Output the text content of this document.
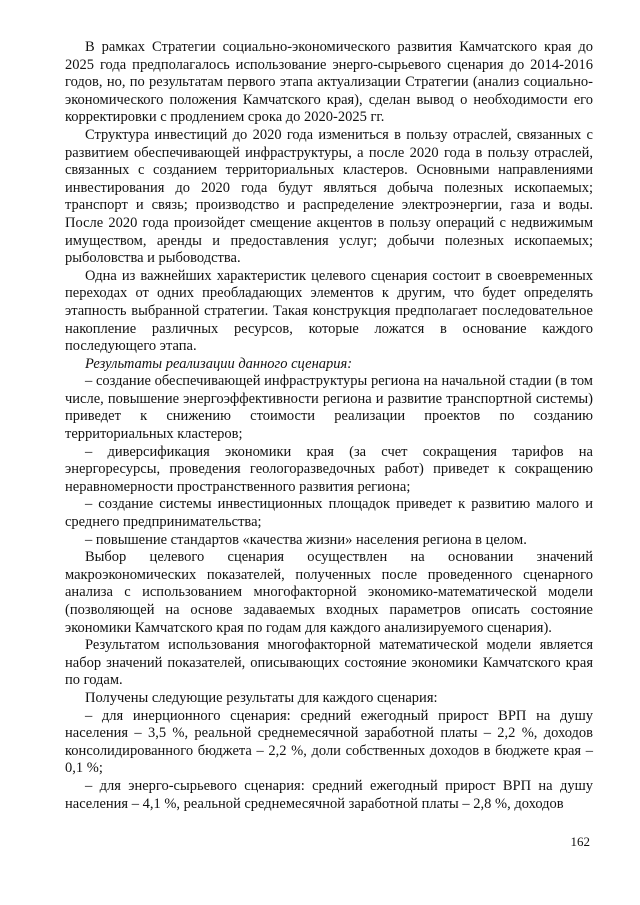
В рамках Стратегии социально-экономического развития Камчатского края до 2025 года предполагалось использование энерго-сырьевого сценария до 2014-2016 годов, но, по результатам первого этапа актуализации Стратегии (анализ социально-экономического положения Камчатского края), сделан вывод о необходимости его корректировки с продлением срока до 2020-2025 гг.

Структура инвестиций до 2020 года измениться в пользу отраслей, связанных с развитием обеспечивающей инфраструктуры, а после 2020 года в пользу отраслей, связанных с созданием территориальных кластеров. Основными направлениями инвестирования до 2020 года будут являться добыча полезных ископаемых; транспорт и связь; производство и распределение электроэнергии, газа и воды. После 2020 года произойдет смещение акцентов в пользу операций с недвижимым имуществом, аренды и предоставления услуг; добычи полезных ископаемых; рыболовства и рыбоводства.

Одна из важнейших характеристик целевого сценария состоит в своевременных переходах от одних преобладающих элементов к другим, что будет определять этапность выбранной стратегии. Такая конструкция предполагает последовательное накопление различных ресурсов, которые ложатся в основание каждого последующего этапа.

Результаты реализации данного сценария:

– создание обеспечивающей инфраструктуры региона на начальной стадии (в том числе, повышение энергоэффективности региона и развитие транспортной системы) приведет к снижению стоимости реализации проектов по созданию территориальных кластеров;

– диверсификация экономики края (за счет сокращения тарифов на энергоресурсы, проведения геологоразведочных работ) приведет к сокращению неравномерности пространственного развития региона;

– создание системы инвестиционных площадок приведет к развитию малого и среднего предпринимательства;

– повышение стандартов «качества жизни» населения региона в целом.

Выбор целевого сценария осуществлен на основании значений макроэкономических показателей, полученных после проведенного сценарного анализа с использованием многофакторной экономико-математической модели (позволяющей на основе задаваемых входных параметров описать состояние экономики Камчатского края по годам для каждого анализируемого сценария).

Результатом использования многофакторной математической модели является набор значений показателей, описывающих состояние экономики Камчатского края по годам.

Получены следующие результаты для каждого сценария:

– для инерционного сценария: средний ежегодный прирост ВРП на душу населения – 3,5 %, реальной среднемесячной заработной платы – 2,2 %, доходов консолидированного бюджета – 2,2 %, доли собственных доходов в бюджете края – 0,1 %;

– для энерго-сырьевого сценария: средний ежегодный прирост ВРП на душу населения – 4,1 %, реальной среднемесячной заработной платы – 2,8 %, доходов

162
